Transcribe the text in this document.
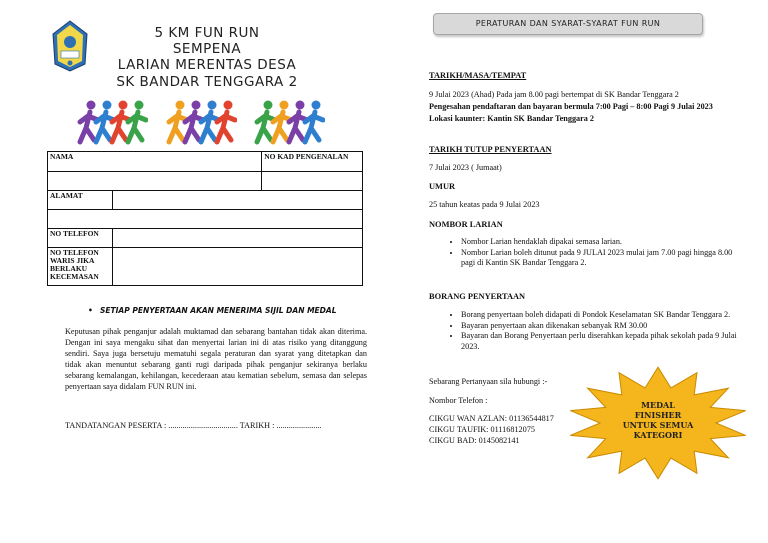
5 KM FUN RUN
SEMPENA
LARIAN MERENTAS DESA
SK BANDAR TENGGARA 2
NAMA		NO KAD PENGENALAN

ALAMAT		

NO TELEFON		
NO TELEFON WARIS JIKA BERLAKU KECEMASAN		
• SETIAP PENYERTAAN AKAN MENERIMA SIJIL DAN MEDAL
Keputusan pihak penganjur adalah muktamad dan sebarang bantahan tidak akan diterima. Dengan ini saya mengaku sihat dan menyertai larian ini di atas risiko yang ditanggung sendiri. Saya juga bersetuju mematuhi segala peraturan dan syarat yang ditetapkan dan tidak akan menuntut sebarang ganti rugi daripada pihak penganjur sekiranya berlaku sebarang kemalangan, kehilangan, kecederaan atau kematian sebelum, semasa dan selepas penyertaan saya didalam FUN RUN ini.
TANDATANGAN PESERTA : .................................. TARIKH : ......................
PERATURAN DAN SYARAT-SYARAT FUN RUN
TARIKH/MASA/TEMPAT
9 Julai 2023 (Ahad) Pada jam 8.00 pagi bertempat di SK Bandar Tenggara 2
Pengesahan pendaftaran dan bayaran bermula 7:00 Pagi – 8:00 Pagi 9 Julai 2023
Lokasi kaunter: Kantin SK Bandar Tenggara 2
TARIKH TUTUP PENYERTAAN
7 Julai 2023 ( Jumaat)
UMUR
25 tahun keatas pada 9 Julai 2023
NOMBOR LARIAN
• Nombor Larian hendaklah dipakai semasa larian.
• Nombor Larian boleh ditunut pada 9 JULAI 2023 mulai jam 7.00 pagi hingga 8.00 pagi di Kantin SK Bandar Tenggara 2.
BORANG PENYERTAAN
• Borang penyertaan boleh didapati di Pondok Keselamatan SK Bandar Tenggara 2.
• Bayaran penyertaan akan dikenakan sebanyak RM 30.00
• Bayaran dan Borang Penyertaan perlu diserahkan kepada pihak sekolah pada 9 Julai 2023.
Sebarang Pertanyaan sila hubungi :-
Nombor Telefon :
CIKGU WAN AZLAN: 01136544817
CIKGU TAUFIK: 01116812075
CIKGU BAD: 0145082141
MEDAL
FINISHER
UNTUK SEMUA
KATEGORI
